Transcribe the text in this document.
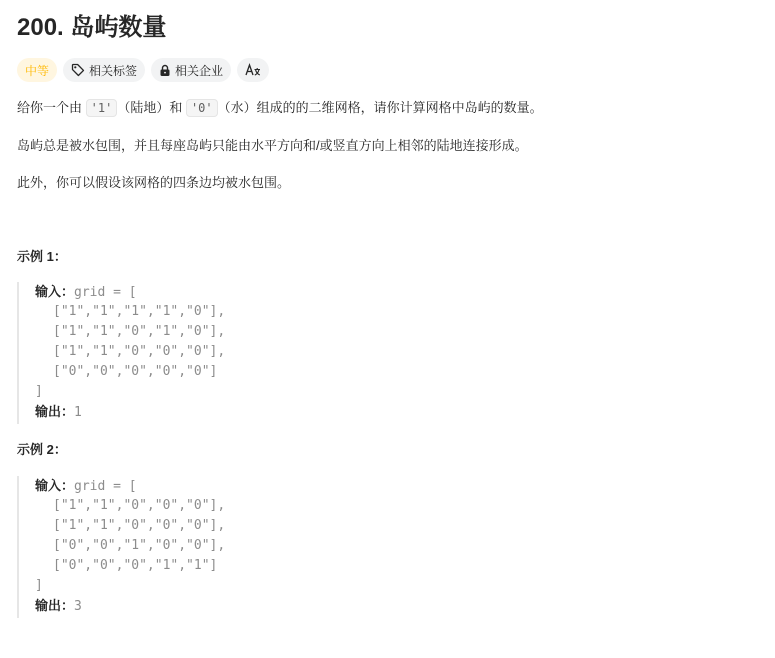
200. 岛屿数量
中等	相关标签	相关企业
给你一个由 '1' （陆地）和 '0' （水）组成的的二维网格，请你计算网格中岛屿的数量。
岛屿总是被水包围，并且每座岛屿只能由水平方向和/或竖直方向上相邻的陆地连接形成。
此外，你可以假设该网格的四条边均被水包围。
示例 1：
输入：grid = [
["1","1","1","1","0"],
["1","1","0","1","0"],
["1","1","0","0","0"],
["0","0","0","0","0"]
]
输出：1
示例 2：
输入：grid = [
["1","1","0","0","0"],
["1","1","0","0","0"],
["0","0","1","0","0"],
["0","0","0","1","1"]
]
输出：3
